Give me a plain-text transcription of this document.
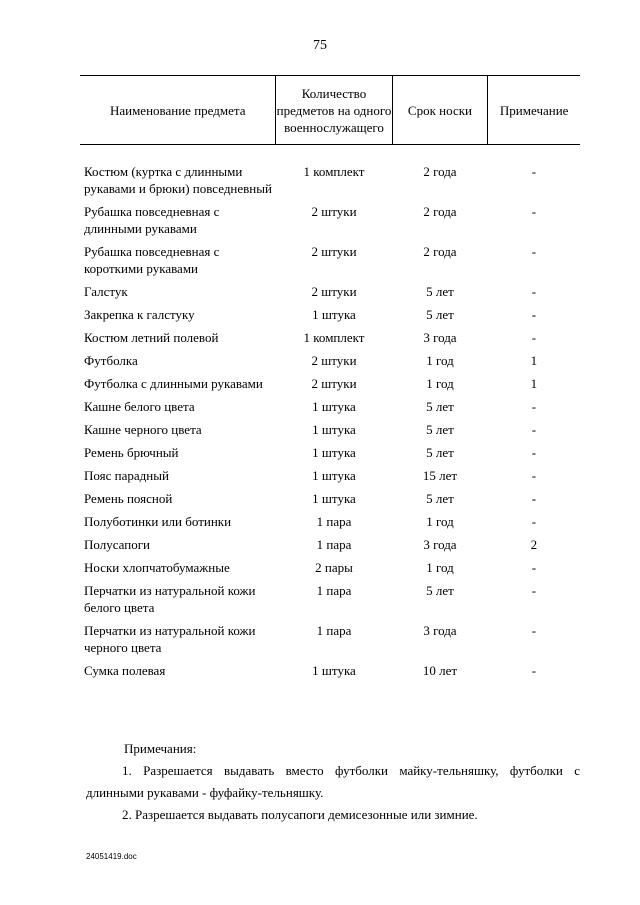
75
Наименование предмета	Количество предметов на одного военнослужащего	Срок носки	Примечание

Костюм (куртка с длинными рукавами и брюки) повседневный	1 комплект	2 года	-
Рубашка повседневная с длинными рукавами	2 штуки	2 года	-
Рубашка повседневная с короткими рукавами	2 штуки	2 года	-
Галстук	2 штуки	5 лет	-
Закрепка к галстуку	1 штука	5 лет	-
Костюм летний полевой	1 комплект	3 года	-
Футболка	2 штуки	1 год	1
Футболка с длинными рукавами	2 штуки	1 год	1
Кашне белого цвета	1 штука	5 лет	-
Кашне черного цвета	1 штука	5 лет	-
Ремень брючный	1 штука	5 лет	-
Пояс парадный	1 штука	15 лет	-
Ремень поясной	1 штука	5 лет	-
Полуботинки или ботинки	1 пара	1 год	-
Полусапоги	1 пара	3 года	2
Носки хлопчатобумажные	2 пары	1 год	-
Перчатки из натуральной кожи белого цвета	1 пара	5 лет	-
Перчатки из натуральной кожи черного цвета	1 пара	3 года	-
Сумка полевая	1 штука	10 лет	-
Примечания:
1. Разрешается выдавать вместо футболки майку-тельняшку, футболки с длинными рукавами - фуфайку-тельняшку.
2. Разрешается выдавать полусапоги демисезонные или зимние.
24051419.doc
